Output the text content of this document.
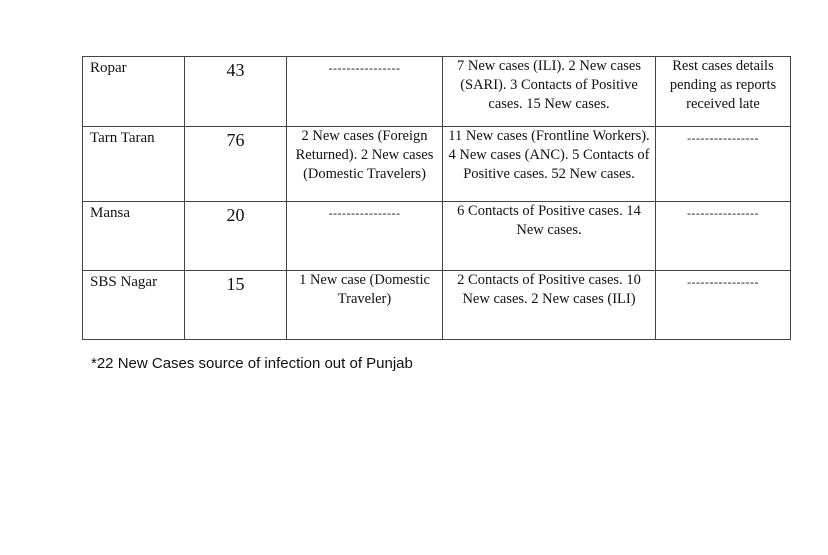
Ropar	43	----------------	7 New cases (ILI). 2 New cases (SARI). 3 Contacts of Positive cases. 15 New cases.	Rest cases details pending as reports received late

Tarn Taran	76	2 New cases (Foreign Returned). 2 New cases (Domestic Travelers)	11 New cases (Frontline Workers). 4 New cases (ANC). 5 Contacts of Positive cases. 52 New cases.	----------------

Mansa	20	----------------	6 Contacts of Positive cases. 14 New cases.	----------------

SBS Nagar	15	1 New case (Domestic Traveler)	2 Contacts of Positive cases. 10 New cases. 2 New cases (ILI)	----------------
*22 New Cases source of infection out of Punjab
